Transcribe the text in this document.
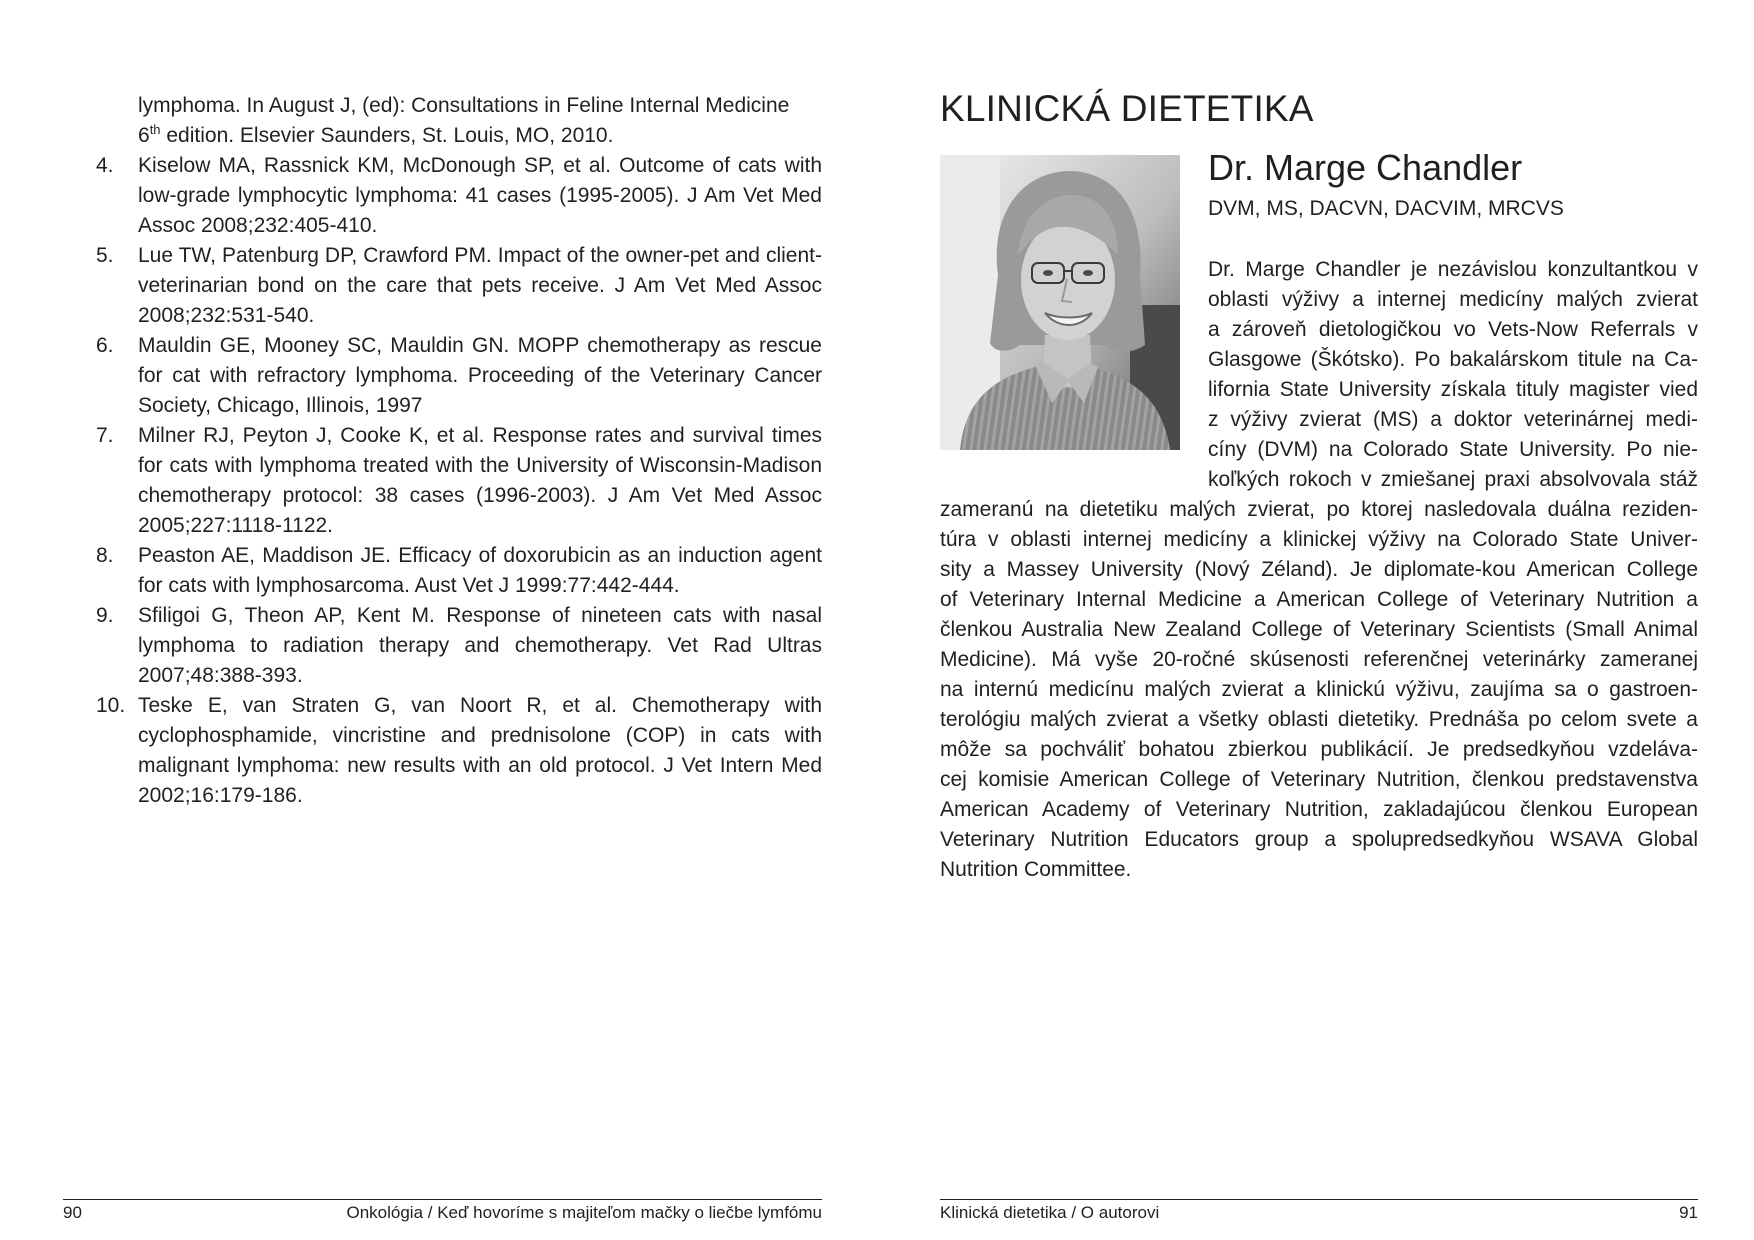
lymphoma. In August J, (ed): Consultations in Feline Internal Medicine
6th edition. Elsevier Saunders, St. Louis, MO, 2010.
4.	Kiselow MA, Rassnick KM, McDonough SP, et al. Outcome of cats with low-grade lymphocytic lymphoma: 41 cases (1995-2005). J Am Vet Med Assoc 2008;232:405-410.
5.	Lue TW, Patenburg DP, Crawford PM. Impact of the owner-pet and client-veterinarian bond on the care that pets receive. J Am Vet Med Assoc 2008;232:531-540.
6.	Mauldin GE, Mooney SC, Mauldin GN. MOPP chemotherapy as rescue for cat with refractory lymphoma. Proceeding of the Veterinary Cancer Society, Chicago, Illinois, 1997
7.	Milner RJ, Peyton J, Cooke K, et al. Response rates and survival times for cats with lymphoma treated with the University of Wisconsin-Madison chemotherapy protocol: 38 cases (1996-2003). J Am Vet Med Assoc 2005;227:1118-1122.
8.	Peaston AE, Maddison JE. Efficacy of doxorubicin as an induction agent for cats with lymphosarcoma. Aust Vet J 1999:77:442-444.
9.	Sfiligoi G, Theon AP, Kent M. Response of nineteen cats with nasal lymphoma to radiation therapy and chemotherapy. Vet Rad Ultras 2007;48:388-393.
10. Teske E, van Straten G, van Noort R, et al. Chemotherapy with cyclophosphamide, vincristine and prednisolone (COP) in cats with malignant lymphoma: new results with an old protocol. J Vet Intern Med 2002;16:179-186.
90	Onkológia / Keď hovoríme s majiteľom mačky o liečbe lymfómu
KLINICKÁ DIETETIKA
Dr. Marge Chandler
DVM, MS, DACVN, DACVIM, MRCVS
Dr. Marge Chandler je nezávislou konzultantkou v
oblasti výživy a internej medicíny malých zvierat
a zároveň dietologičkou vo Vets-Now Referrals v
Glasgowe (Škótsko). Po bakalárskom titule na Ca-
lifornia State University získala tituly magister vied
z výživy zvierat (MS) a doktor veterinárnej medi-
cíny (DVM) na Colorado State University. Po nie-
koľkých rokoch v zmiešanej praxi absolvovala stáž
zameranú na dietetiku malých zvierat, po ktorej nasledovala duálna reziden-
túra v oblasti internej medicíny a klinickej výživy na Colorado State Univer-
sity a Massey University (Nový Zéland). Je diplomate-kou American College
of Veterinary Internal Medicine a American College of Veterinary Nutrition a
členkou Australia New Zealand College of Veterinary Scientists (Small Animal
Medicine). Má vyše 20-ročné skúsenosti referenčnej veterinárky zameranej
na internú medicínu malých zvierat a klinickú výživu, zaujíma sa o gastroen-
terológiu malých zvierat a všetky oblasti dietetiky. Prednáša po celom svete a
môže sa pochváliť bohatou zbierkou publikácií. Je predsedkyňou vzdeláva-
cej komisie American College of Veterinary Nutrition, členkou predstavenstva
American Academy of Veterinary Nutrition, zakladajúcou členkou European
Veterinary Nutrition Educators group a spolupredsedkyňou WSAVA Global
Nutrition Committee.
Klinická dietetika / O autorovi	91
